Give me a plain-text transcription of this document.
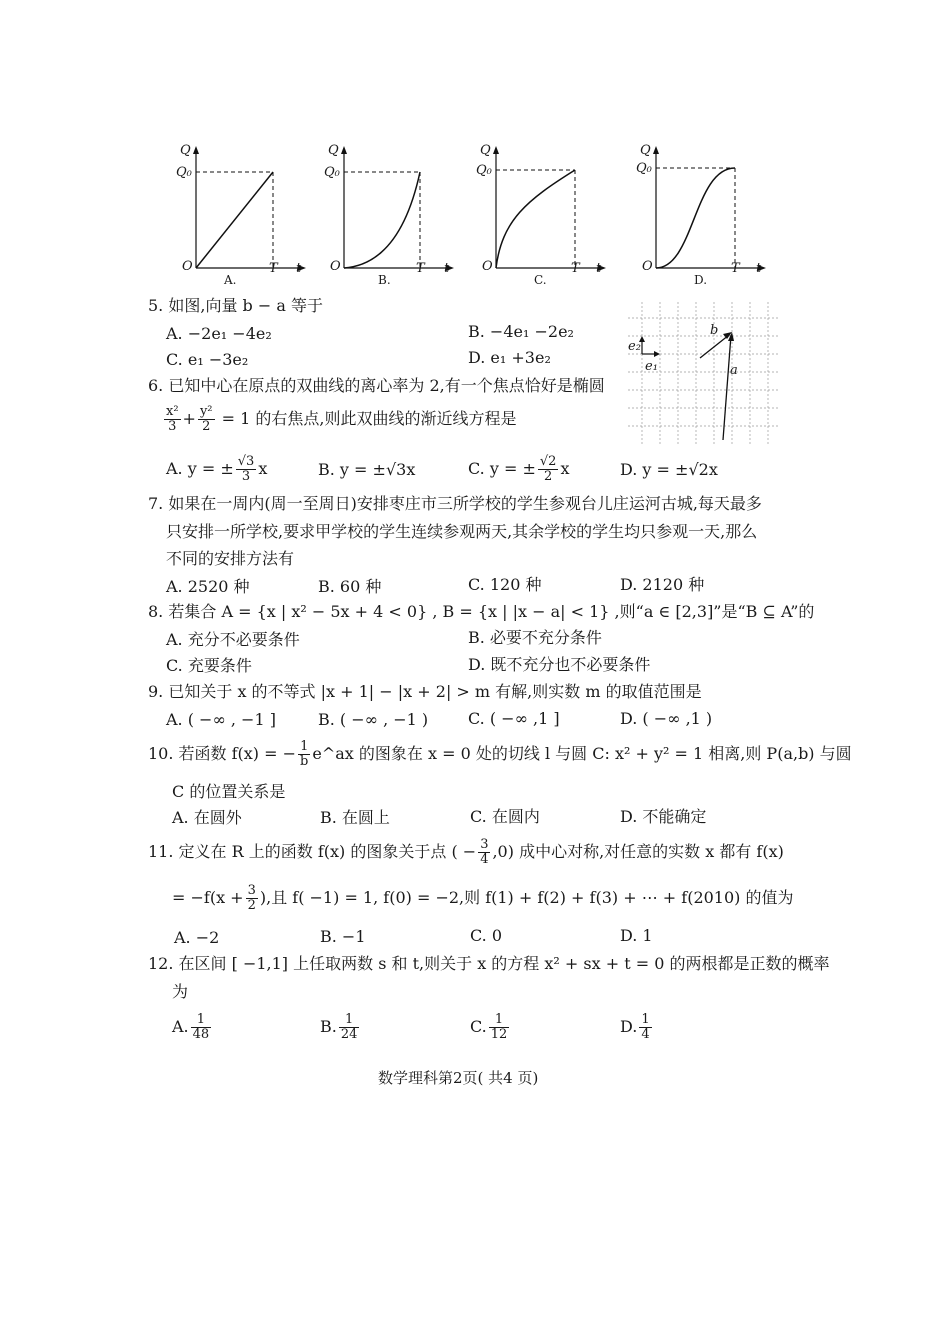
Q
Q₀
O	T t
A.
Q
Q₀
O	T t
B.
Q
Q₀
O	T t
C.
Q
Q₀
O	T t
D.
b
a
e₁
e₂
5. 如图,向量 b − a 等于
A. −2e₁ −4e₂	B. −4e₁ −2e₂
C. e₁ −3e₂	D. e₁ +3e₂
6. 已知中心在原点的双曲线的离心率为 2,有一个焦点恰好是椭圆
$\frac{\text{x²}}{3} + \frac{\text{y²}}{2} = 1$ 的右焦点,则此双曲线的渐近线方程是
A. y = ± $\frac{√3}{3}$ x	B. y = ±√3x	C. y = ± $\frac{√2}{2}$ x	D. y = ±√2x
7. 如果在一周内(周一至周日)安排枣庄市三所学校的学生参观台儿庄运河古城,每天最多
只安排一所学校,要求甲学校的学生连续参观两天,其余学校的学生均只参观一天,那么
不同的安排方法有
A. 2520 种	B. 60 种	C. 120 种	D. 2120 种
8. 若集合 A = {x | x² − 5x + 4 < 0} , B = {x | |x − a| < 1} ,则“a ∈ [2,3]”是“B ⊆ A”的
A. 充分不必要条件	B. 必要不充分条件
C. 充要条件	D. 既不充分也不必要条件
9. 已知关于 x 的不等式 |x + 1| − |x + 2| > m 有解,则实数 m 的取值范围是
A. ( −∞ , −1 ]	B. ( −∞ , −1 ) C. ( −∞ ,1 ]	D. ( −∞ ,1 )
10. 若函数 f(x) = − $\frac{1}{b}$ e^ax 的图象在 x = 0 处的切线 l 与圆 C: x² + y² = 1 相离,则 P(a,b) 与圆
C 的位置关系是
A. 在圆外	B. 在圆上	C. 在圆内	D. 不能确定
11. 定义在 R 上的函数 f(x) 的图象关于点 ( − $\frac{3}{4} ,0$) 成中心对称,对任意的实数 x 都有 f(x)
= $-f(x + \frac{3}{2}$ ),且 f( −1) = 1, f(0) = −2,则 f(1) + f(2) + f(3) + ⋯ + f(2010) 的值为
A. −2	B. −1	C. 0	D. 1
12. 在区间 [ −1,1] 上任取两数 s 和 t,则关于 x 的方程 x² + sx + t = 0 的两根都是正数的概率
为
A. $\frac{1}{48}$	B. $\frac{1}{24}$	C. $\frac{1}{12}$	D. $\frac{1}{4}$
数学理科第2页( 共4 页)
